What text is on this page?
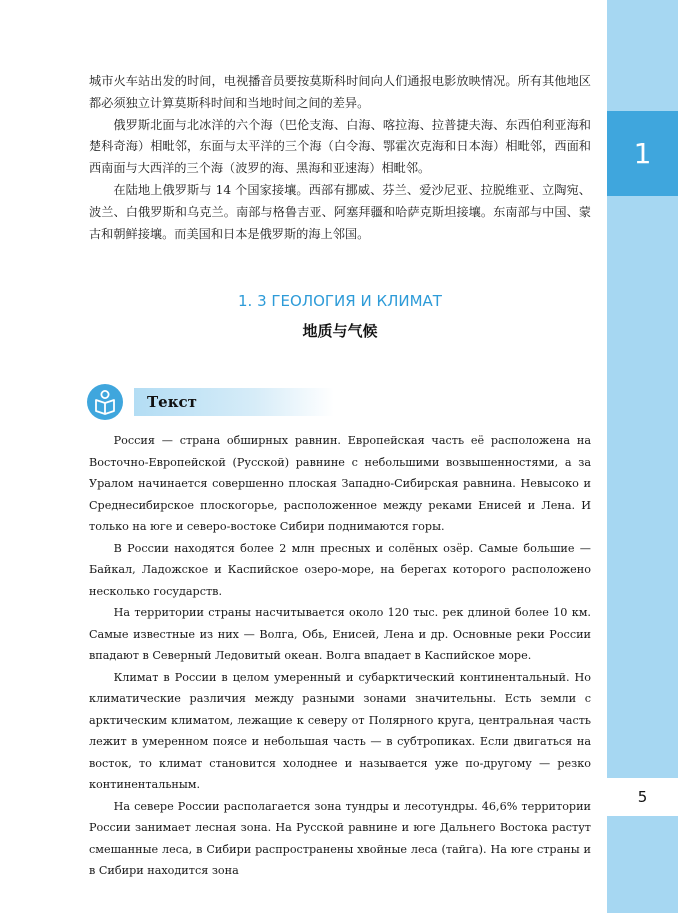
1
5

城市火车站出发的时间，电视播音员要按莫斯科时间向人们通报电影放映情况。所有其他地区都必须独立计算莫斯科时间和当地时间之间的差异。

俄罗斯北面与北冰洋的六个海（巴伦支海、白海、喀拉海、拉普捷夫海、东西伯利亚海和楚科奇海）相毗邻，东面与太平洋的三个海（白令海、鄂霍次克海和日本海）相毗邻，西面和西南面与大西洋的三个海（波罗的海、黑海和亚速海）相毗邻。

在陆地上俄罗斯与 14 个国家接壤。西部有挪威、芬兰、爱沙尼亚、拉脱维亚、立陶宛、波兰、白俄罗斯和乌克兰。南部与格鲁吉亚、阿塞拜疆和哈萨克斯坦接壤。东南部与中国、蒙古和朝鲜接壤。而美国和日本是俄罗斯的海上邻国。

1. 3 ГЕОЛОГИЯ И КЛИМАТ
地质与气候
Текст

Россия — страна обширных равнин. Европейская часть её расположена на Восточно-Европейской (Русской) равнине с небольшими возвышенностями, а за Уралом начинается совершенно плоская Западно-Сибирская равнина. Невысоко и Среднесибирское плоскогорье, расположенное между реками Енисей и Лена. И только на юге и северо-востоке Сибири поднимаются горы.

В России находятся более 2 млн пресных и солёных озёр. Самые большие — Байкал, Ладожское и Каспийское озеро-море, на берегах которого расположено несколько государств.

На территории страны насчитывается около 120 тыс. рек длиной более 10 км. Самые известные из них — Волга, Обь, Енисей, Лена и др. Основные реки России впадают в Северный Ледовитый океан. Волга впадает в Каспийское море.

Климат в России в целом умеренный и субарктический континентальный. Но климатические различия между разными зонами значительны. Есть земли с арктическим климатом, лежащие к северу от Полярного круга, центральная часть лежит в умеренном поясе и небольшая часть — в субтропиках. Если двигаться на восток, то климат становится холоднее и называется уже по-другому — резко континентальным.

На севере России располагается зона тундры и лесотундры. 46,6% территории России занимает лесная зона. На Русской равнине и юге Дальнего Востока растут смешанные леса, в Сибири распространены хвойные леса (тайга). На юге страны и в Сибири находится зона
